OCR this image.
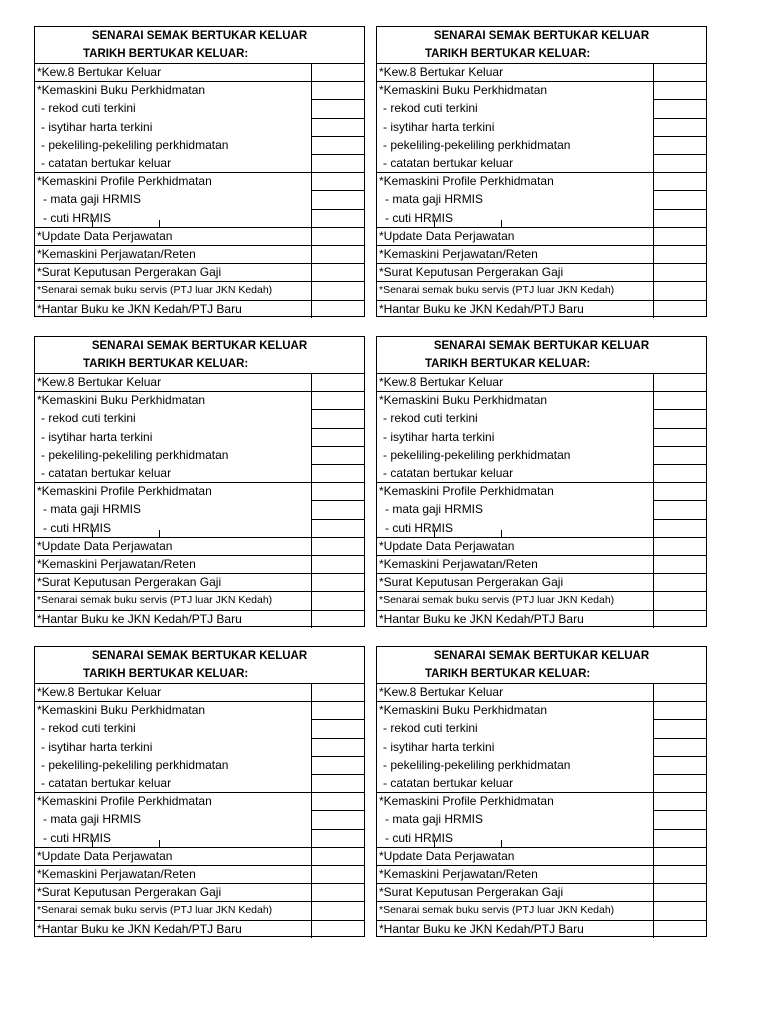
SENARAI SEMAK BERTUKAR KELUAR
TARIKH BERTUKAR KELUAR:
*Kew.8 Bertukar Keluar
*Kemaskini Buku Perkhidmatan
- rekod cuti terkini
- isytihar harta terkini
- pekeliling-pekeliling perkhidmatan
- catatan bertukar keluar
*Kemaskini Profile Perkhidmatan
- mata gaji HRMIS
- cuti HRMIS
*Update Data Perjawatan
*Kemaskini Perjawatan/Reten
*Surat Keputusan Pergerakan Gaji
*Senarai semak buku servis (PTJ luar JKN Kedah)
*Hantar Buku ke JKN Kedah/PTJ Baru
SENARAI SEMAK BERTUKAR KELUAR
TARIKH BERTUKAR KELUAR:
*Kew.8 Bertukar Keluar
*Kemaskini Buku Perkhidmatan
- rekod cuti terkini
- isytihar harta terkini
- pekeliling-pekeliling perkhidmatan
- catatan bertukar keluar
*Kemaskini Profile Perkhidmatan
- mata gaji HRMIS
- cuti HRMIS
*Update Data Perjawatan
*Kemaskini Perjawatan/Reten
*Surat Keputusan Pergerakan Gaji
*Senarai semak buku servis (PTJ luar JKN Kedah)
*Hantar Buku ke JKN Kedah/PTJ Baru
SENARAI SEMAK BERTUKAR KELUAR
TARIKH BERTUKAR KELUAR:
*Kew.8 Bertukar Keluar
*Kemaskini Buku Perkhidmatan
- rekod cuti terkini
- isytihar harta terkini
- pekeliling-pekeliling perkhidmatan
- catatan bertukar keluar
*Kemaskini Profile Perkhidmatan
- mata gaji HRMIS
- cuti HRMIS
*Update Data Perjawatan
*Kemaskini Perjawatan/Reten
*Surat Keputusan Pergerakan Gaji
*Senarai semak buku servis (PTJ luar JKN Kedah)
*Hantar Buku ke JKN Kedah/PTJ Baru
SENARAI SEMAK BERTUKAR KELUAR
TARIKH BERTUKAR KELUAR:
*Kew.8 Bertukar Keluar
*Kemaskini Buku Perkhidmatan
- rekod cuti terkini
- isytihar harta terkini
- pekeliling-pekeliling perkhidmatan
- catatan bertukar keluar
*Kemaskini Profile Perkhidmatan
- mata gaji HRMIS
- cuti HRMIS
*Update Data Perjawatan
*Kemaskini Perjawatan/Reten
*Surat Keputusan Pergerakan Gaji
*Senarai semak buku servis (PTJ luar JKN Kedah)
*Hantar Buku ke JKN Kedah/PTJ Baru
SENARAI SEMAK BERTUKAR KELUAR
TARIKH BERTUKAR KELUAR:
*Kew.8 Bertukar Keluar
*Kemaskini Buku Perkhidmatan
- rekod cuti terkini
- isytihar harta terkini
- pekeliling-pekeliling perkhidmatan
- catatan bertukar keluar
*Kemaskini Profile Perkhidmatan
- mata gaji HRMIS
- cuti HRMIS
*Update Data Perjawatan
*Kemaskini Perjawatan/Reten
*Surat Keputusan Pergerakan Gaji
*Senarai semak buku servis (PTJ luar JKN Kedah)
*Hantar Buku ke JKN Kedah/PTJ Baru
SENARAI SEMAK BERTUKAR KELUAR
TARIKH BERTUKAR KELUAR:
*Kew.8 Bertukar Keluar
*Kemaskini Buku Perkhidmatan
- rekod cuti terkini
- isytihar harta terkini
- pekeliling-pekeliling perkhidmatan
- catatan bertukar keluar
*Kemaskini Profile Perkhidmatan
- mata gaji HRMIS
- cuti HRMIS
*Update Data Perjawatan
*Kemaskini Perjawatan/Reten
*Surat Keputusan Pergerakan Gaji
*Senarai semak buku servis (PTJ luar JKN Kedah)
*Hantar Buku ke JKN Kedah/PTJ Baru
